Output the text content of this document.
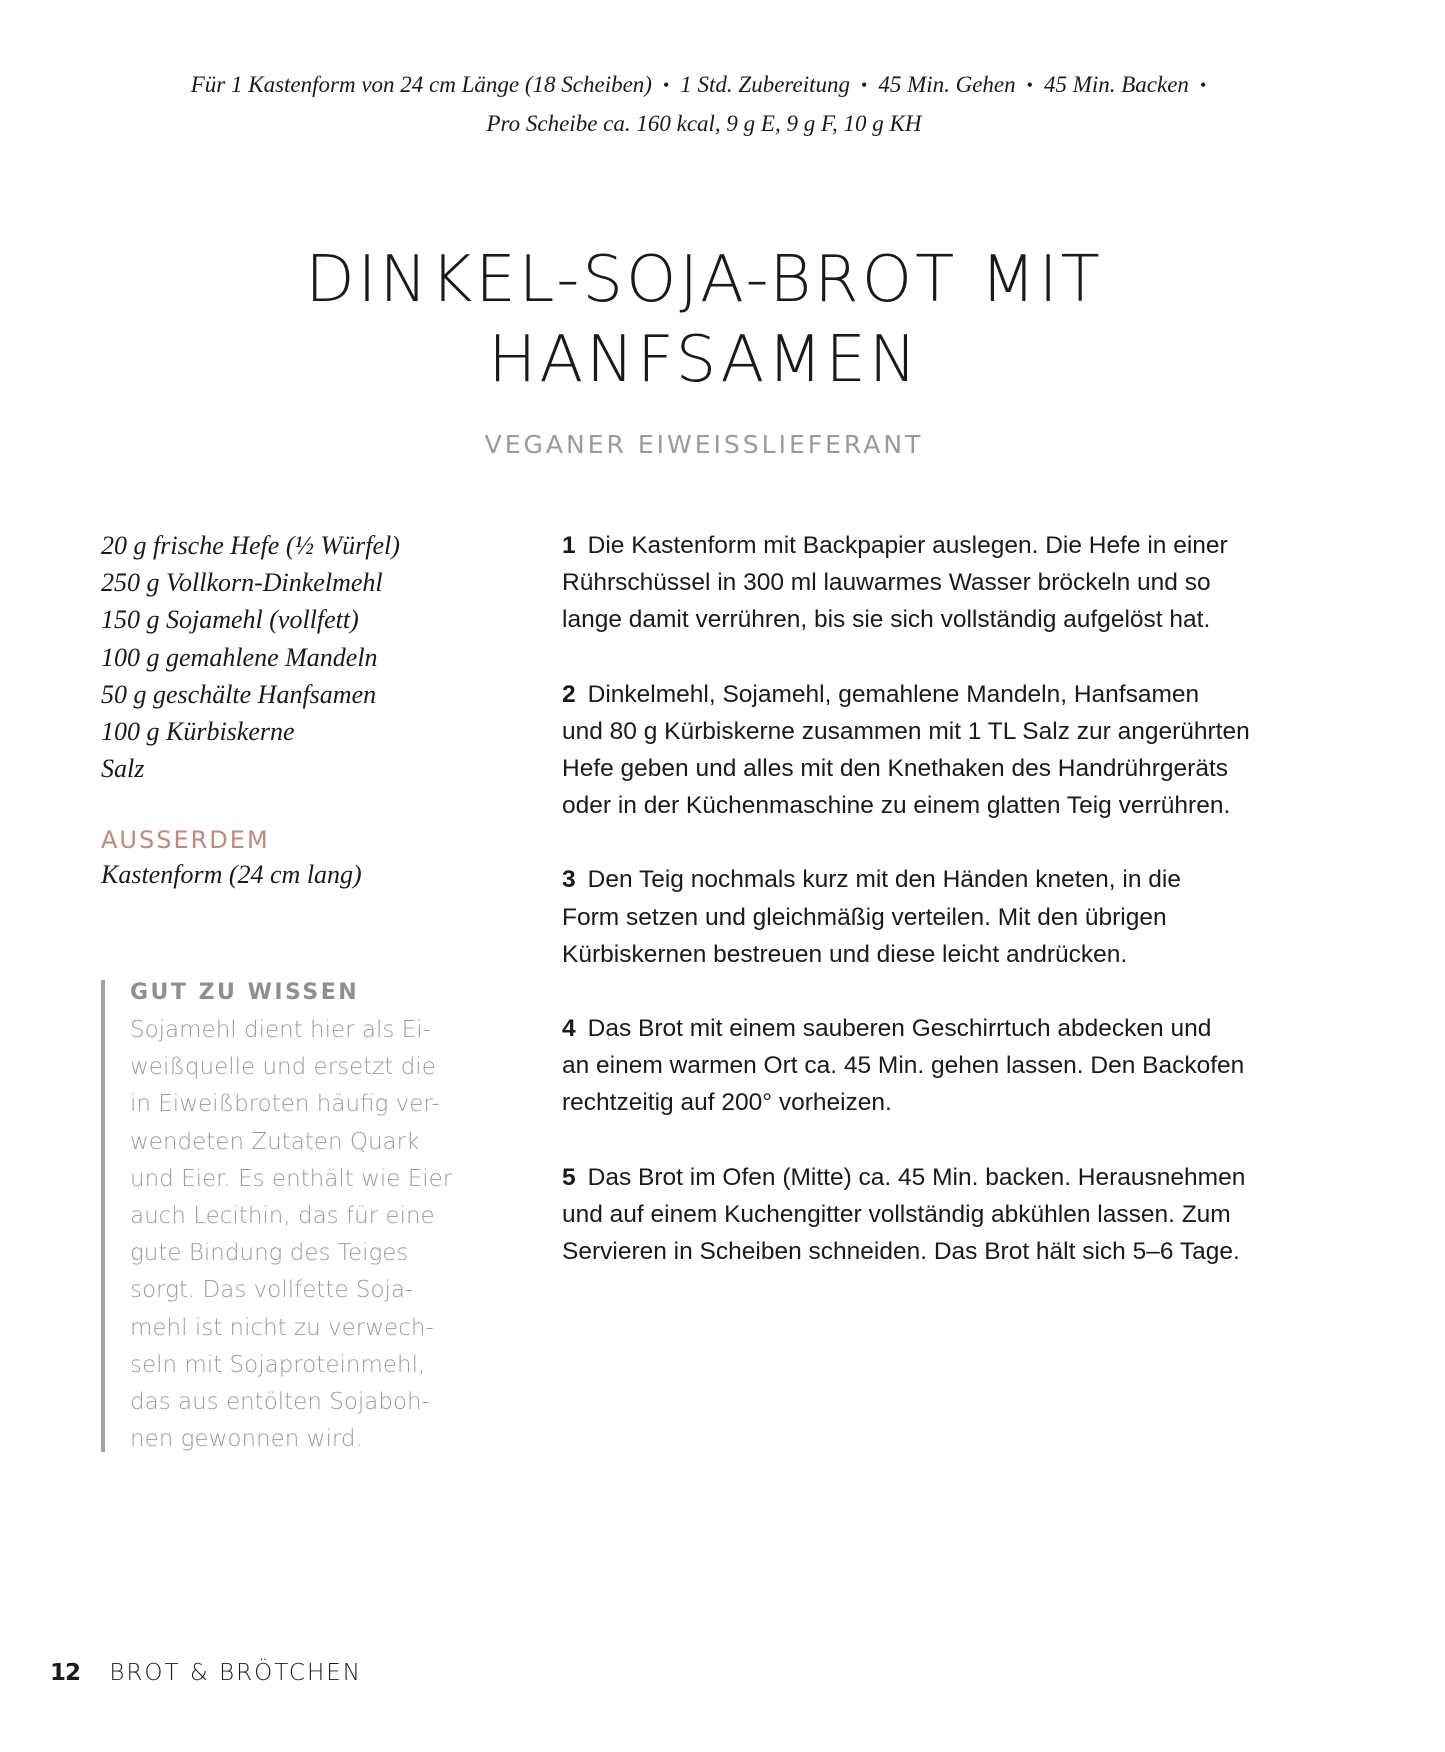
Für 1 Kastenform von 24 cm Länge (18 Scheiben) • 1 Std. Zubereitung • 45 Min. Gehen • 45 Min. Backen •
Pro Scheibe ca. 160 kcal, 9 g E, 9 g F, 10 g KH
DINKEL-SOJA-BROT MIT
HANFSAMEN
VEGANER EIWEISSLIEFERANT
20 g frische Hefe (½ Würfel)
250 g Vollkorn-Dinkelmehl
150 g Sojamehl (vollfett)
100 g gemahlene Mandeln
50 g geschälte Hanfsamen
100 g Kürbiskerne
Salz
AUSSERDEM
Kastenform (24 cm lang)
GUT ZU WISSEN
Sojamehl dient hier als Ei-
weißquelle und ersetzt die
in Eiweißbroten häufig ver-
wendeten Zutaten Quark
und Eier. Es enthält wie Eier
auch Lecithin, das für eine
gute Bindung des Teiges
sorgt. Das vollfette Soja-
mehl ist nicht zu verwech-
seln mit Sojaproteinmehl,
das aus entölten Sojaboh-
nen gewonnen wird.
1 Die Kastenform mit Backpapier auslegen. Die Hefe in einer
Rührschüssel in 300 ml lauwarmes Wasser bröckeln und so
lange damit verrühren, bis sie sich vollständig aufgelöst hat.
2 Dinkelmehl, Sojamehl, gemahlene Mandeln, Hanfsamen
und 80 g Kürbiskerne zusammen mit 1 TL Salz zur angerührten
Hefe geben und alles mit den Knethaken des Handrührgeräts
oder in der Küchenmaschine zu einem glatten Teig verrühren.
3 Den Teig nochmals kurz mit den Händen kneten, in die
Form setzen und gleichmäßig verteilen. Mit den übrigen
Kürbiskernen bestreuen und diese leicht andrücken.
4 Das Brot mit einem sauberen Geschirrtuch abdecken und
an einem warmen Ort ca. 45 Min. gehen lassen. Den Backofen
rechtzeitig auf 200° vorheizen.
5 Das Brot im Ofen (Mitte) ca. 45 Min. backen. Herausnehmen
und auf einem Kuchengitter vollständig abkühlen lassen. Zum
Servieren in Scheiben schneiden. Das Brot hält sich 5–6 Tage.
12 BROT & BRÖTCHEN
